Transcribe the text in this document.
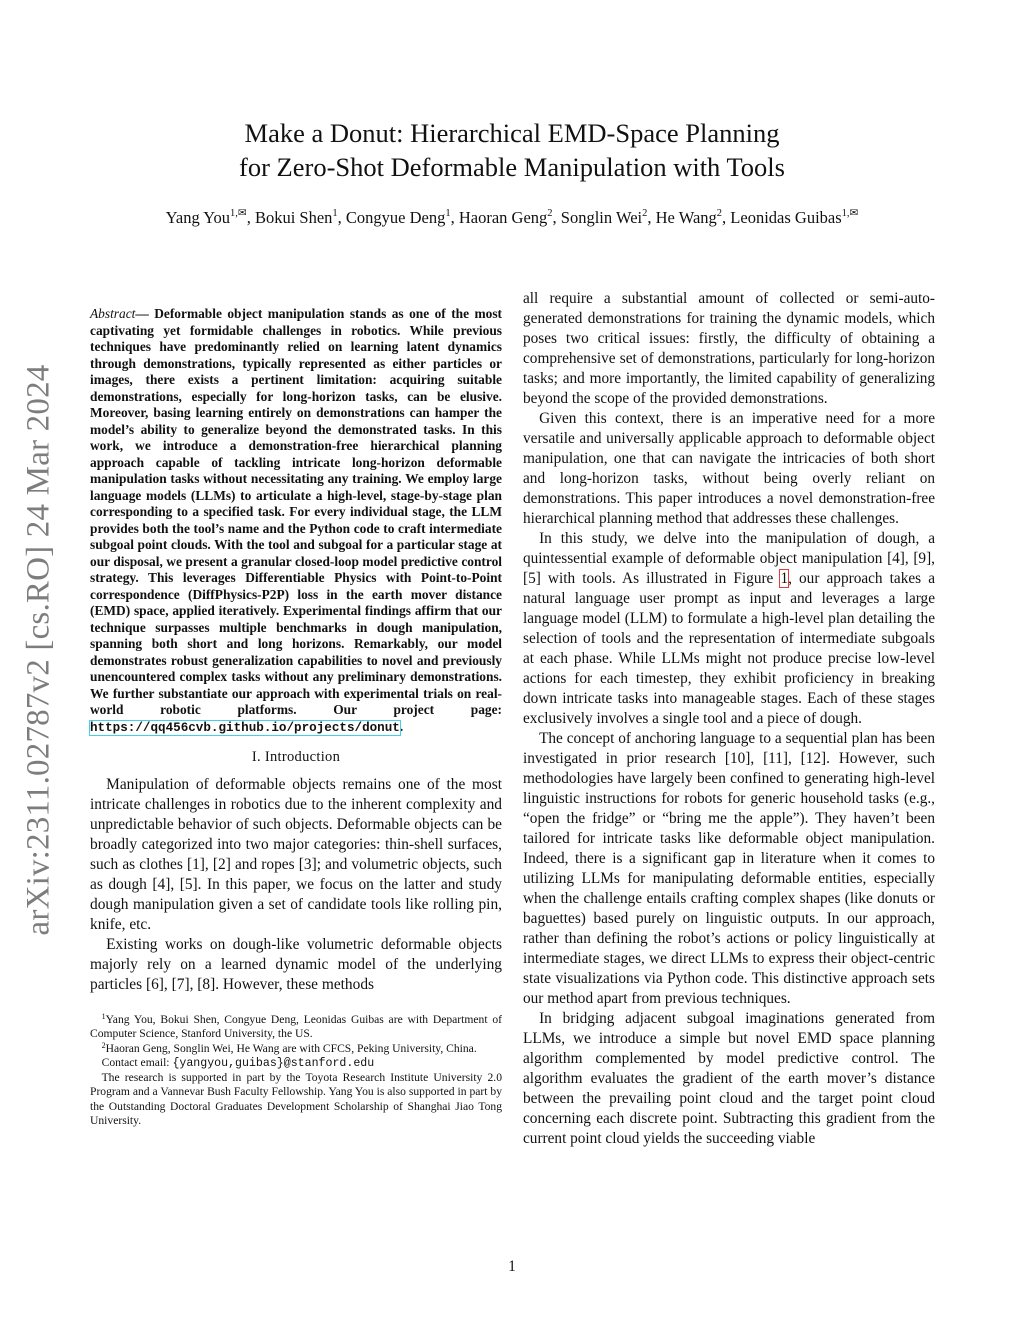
arXiv:2311.02787v2 [cs.RO] 24 Mar 2024
Make a Donut: Hierarchical EMD-Space Planning
for Zero-Shot Deformable Manipulation with Tools
Yang You$^{1,✉}$, Bokui Shen$^1$, Congyue Deng$^1$, Haoran Geng$^2$, Songlin Wei$^2$, He Wang$^2$, Leonidas Guibas$^{1,✉}$
Abstract— Deformable object manipulation stands as one of the most captivating yet formidable challenges in robotics. While previous techniques have predominantly relied on learning latent dynamics through demonstrations, typically represented as either particles or images, there exists a pertinent limitation: acquiring suitable demonstrations, especially for long-horizon tasks, can be elusive. Moreover, basing learning entirely on demonstrations can hamper the model’s ability to generalize beyond the demonstrated tasks. In this work, we introduce a demonstration-free hierarchical planning approach capable of tackling intricate long-horizon deformable manipulation tasks without necessitating any training. We employ large language models (LLMs) to articulate a high-level, stage-by-stage plan corresponding to a specified task. For every individual stage, the LLM provides both the tool’s name and the Python code to craft intermediate subgoal point clouds. With the tool and subgoal for a particular stage at our disposal, we present a granular closed-loop model predictive control strategy. This leverages Differentiable Physics with Point-to-Point correspondence (DiffPhysics-P2P) loss in the earth mover distance (EMD) space, applied iteratively. Experimental findings affirm that our technique surpasses multiple benchmarks in dough manipulation, spanning both short and long horizons. Remarkably, our model demonstrates robust generalization capabilities to novel and previously unencountered complex tasks without any preliminary demonstrations. We further substantiate our approach with experimental trials on real-world robotic platforms. Our project page: https://qq456cvb.github.io/projects/donut.
I. Introduction

Manipulation of deformable objects remains one of the most intricate challenges in robotics due to the inherent complexity and unpredictable behavior of such objects. Deformable objects can be broadly categorized into two major categories: thin-shell surfaces, such as clothes [1], [2] and ropes [3]; and volumetric objects, such as dough [4], [5]. In this paper, we focus on the latter and study dough manipulation given a set of candidate tools like rolling pin, knife, etc.

Existing works on dough-like volumetric deformable objects majorly rely on a learned dynamic model of the underlying particles [6], [7], [8]. However, these methods

$^1$Yang You, Bokui Shen, Congyue Deng, Leonidas Guibas are with Department of Computer Science, Stanford University, the US.

$^2$Haoran Geng, Songlin Wei, He Wang are with CFCS, Peking University, China.

Contact email: {yangyou,guibas}@stanford.edu

The research is supported in part by the Toyota Research Institute University 2.0 Program and a Vannevar Bush Faculty Fellowship. Yang You is also supported in part by the Outstanding Doctoral Graduates Development Scholarship of Shanghai Jiao Tong University.

all require a substantial amount of collected or semi-auto-generated demonstrations for training the dynamic models, which poses two critical issues: firstly, the difficulty of obtaining a comprehensive set of demonstrations, particularly for long-horizon tasks; and more importantly, the limited capability of generalizing beyond the scope of the provided demonstrations.

Given this context, there is an imperative need for a more versatile and universally applicable approach to deformable object manipulation, one that can navigate the intricacies of both short and long-horizon tasks, without being overly reliant on demonstrations. This paper introduces a novel demonstration-free hierarchical planning method that addresses these challenges.

In this study, we delve into the manipulation of dough, a quintessential example of deformable object manipulation [4], [9], [5] with tools. As illustrated in Figure 1, our approach takes a natural language user prompt as input and leverages a large language model (LLM) to formulate a high-level plan detailing the selection of tools and the representation of intermediate subgoals at each phase. While LLMs might not produce precise low-level actions for each timestep, they exhibit proficiency in breaking down intricate tasks into manageable stages. Each of these stages exclusively involves a single tool and a piece of dough.

The concept of anchoring language to a sequential plan has been investigated in prior research [10], [11], [12]. However, such methodologies have largely been confined to generating high-level linguistic instructions for robots for generic household tasks (e.g., “open the fridge” or “bring me the apple”). They haven’t been tailored for intricate tasks like deformable object manipulation. Indeed, there is a significant gap in literature when it comes to utilizing LLMs for manipulating deformable entities, especially when the challenge entails crafting complex shapes (like donuts or baguettes) based purely on linguistic outputs. In our approach, rather than defining the robot’s actions or policy linguistically at intermediate stages, we direct LLMs to express their object-centric state visualizations via Python code. This distinctive approach sets our method apart from previous techniques.

In bridging adjacent subgoal imaginations generated from LLMs, we introduce a simple but novel EMD space planning algorithm complemented by model predictive control. The algorithm evaluates the gradient of the earth mover’s distance between the prevailing point cloud and the target point cloud concerning each discrete point. Subtracting this gradient from the current point cloud yields the succeeding viable

1
